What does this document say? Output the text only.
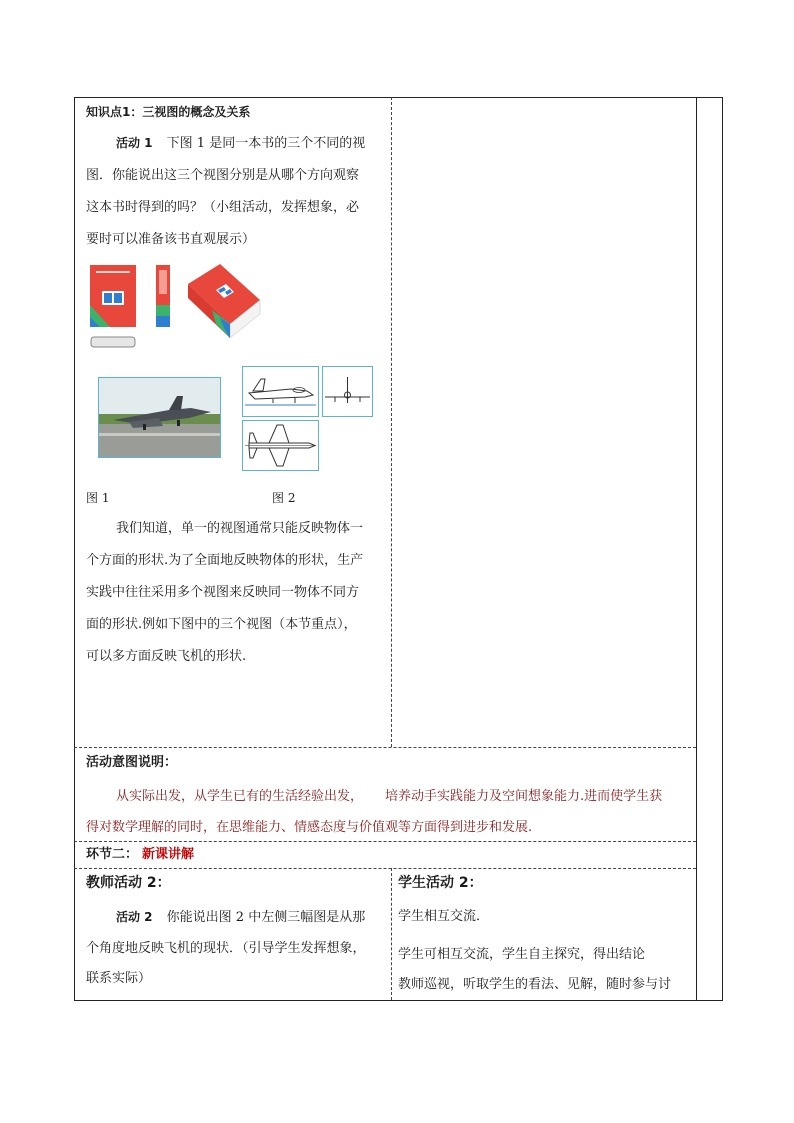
知识点1：三视图的概念及关系
活动 1 下图 1 是同一本书的三个不同的视
图．你能说出这三个视图分别是从哪个方向观察
这本书时得到的吗？（小组活动，发挥想象，必
要时可以准备该书直观展示）
图 1	图 2
我们知道，单一的视图通常只能反映物体一
个方面的形状.为了全面地反映物体的形状，生产
实践中往往采用多个视图来反映同一物体不同方
面的形状.例如下图中的三个视图（本节重点），
可以多方面反映飞机的形状.
活动意图说明：
从实际出发，从学生已有的生活经验出发， 培养动手实践能力及空间想象能力.进而使学生获
得对数学理解的同时，在思维能力、情感态度与价值观等方面得到进步和发展.
环节二： 新课讲解
教师活动 2：
活动 2 你能说出图 2 中左侧三幅图是从那
个角度地反映飞机的现状．（引导学生发挥想象，
联系实际）
学生活动 2：
学生相互交流．
学生可相互交流，学生自主探究，得出结论
教师巡视，听取学生的看法、见解，随时参与讨
